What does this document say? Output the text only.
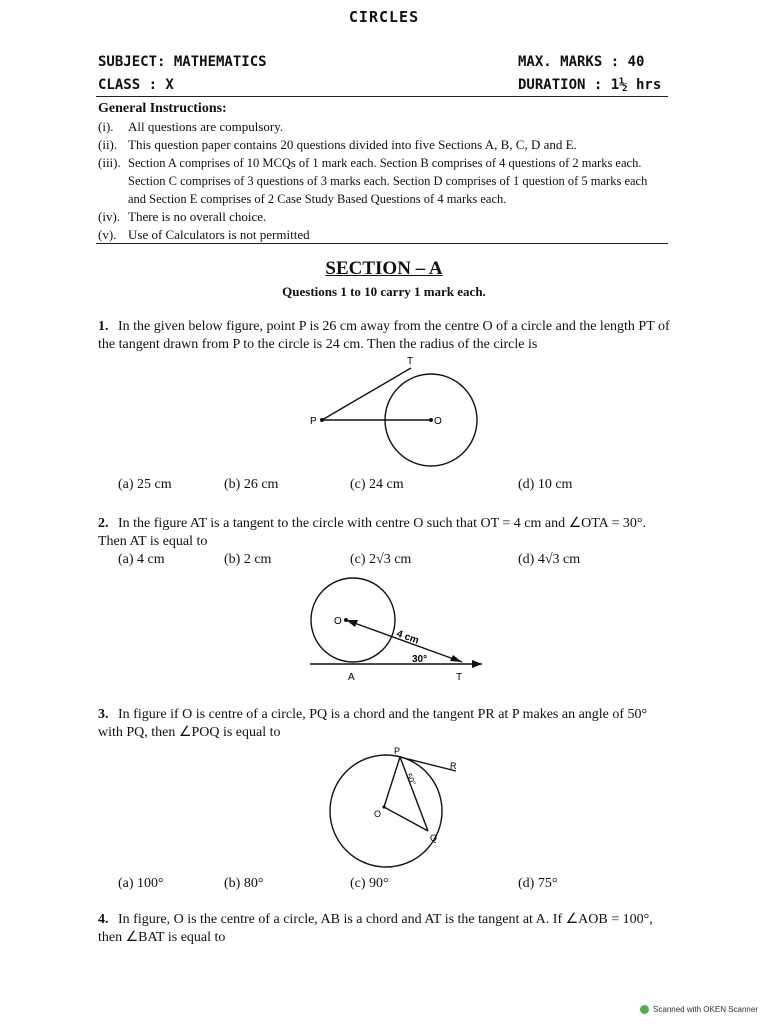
CIRCLES
SUBJECT: MATHEMATICS
CLASS : X
MAX. MARKS : 40
DURATION : 1½ hrs
General Instructions:
(i).	All questions are compulsory.
(ii). This question paper contains 20 questions divided into five Sections A, B, C, D and E.
(iii). Section A comprises of 10 MCQs of 1 mark each. Section B comprises of 4 questions of 2 marks each. Section C comprises of 3 questions of 3 marks each. Section D comprises of 1 question of 5 marks each and Section E comprises of 2 Case Study Based Questions of 4 marks each.
(iv). There is no overall choice.
(v). Use of Calculators is not permitted
SECTION – A
Questions 1 to 10 carry 1 mark each.
1. In the given below figure, point P is 26 cm away from the centre O of a circle and the length PT of the tangent drawn from P to the circle is 24 cm. Then the radius of the circle is
T
P	O
(a) 25 cm	(b) 26 cm	(c) 24 cm	(d) 10 cm
2. In the figure AT is a tangent to the circle with centre O such that OT = 4 cm and ∠OTA = 30°. Then AT is equal to
(a) 4 cm	(b) 2 cm	(c) 2√3 cm	(d) 4√3 cm
O
A	T
4 cm
30°
3. In figure if O is centre of a circle, PQ is a chord and the tangent PR at P makes an angle of 50° with PQ, then ∠POQ is equal to
P
R
O
Q
50°
(a) 100°	(b) 80°	(c) 90°	(d) 75°
4. In figure, O is the centre of a circle, AB is a chord and AT is the tangent at A. If ∠AOB = 100°, then ∠BAT is equal to
Scanned with OKEN Scanner
